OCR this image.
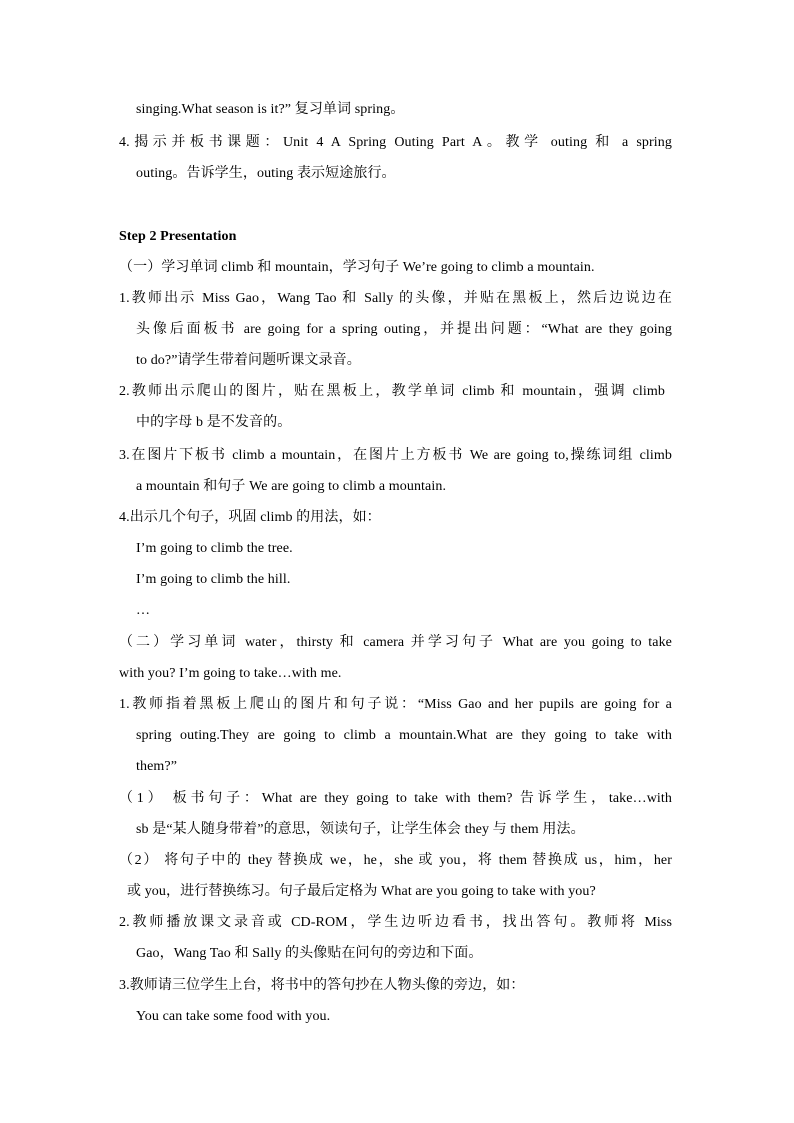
singing.What season is it?” 复习单词 spring。
4.揭示并板书课题：Unit 4 A Spring Outing Part A。教学 outing 和 a spring
outing。告诉学生，outing 表示短途旅行。
Step 2 Presentation
（一）学习单词 climb 和 mountain，学习句子 We’re going to climb a mountain.
1.教师出示 Miss Gao，Wang Tao 和 Sally 的头像，并贴在黑板上，然后边说边在
头像后面板书 are going for a spring outing，并提出问题：“What are they going
to do?”请学生带着问题听课文录音。
2.教师出示爬山的图片，贴在黑板上，教学单词 climb 和 mountain，强调 climb
中的字母 b 是不发音的。
3.在图片下板书 climb a mountain，在图片上方板书 We are going to,操练词组 climb
a mountain 和句子 We are going to climb a mountain.
4.出示几个句子，巩固 climb 的用法，如：
I’m going to climb the tree.
I’m going to climb the hill.
…
（二）学习单词 water，thirsty 和 camera 并学习句子 What are you going to take
with you? I’m going to take…with me.
1.教师指着黑板上爬山的图片和句子说：“Miss Gao and her pupils are going for a
spring outing.They are going to climb a mountain.What are they going to take with
them?”
（1） 板书句子：What are they going to take with them? 告诉学生，take…with
sb 是“某人随身带着”的意思，领读句子，让学生体会 they 与 them 用法。
（2） 将句子中的 they 替换成 we，he，she 或 you，将 them 替换成 us，him，her
或 you，进行替换练习。句子最后定格为 What are you going to take with you?
2.教师播放课文录音或 CD-ROM，学生边听边看书，找出答句。教师将 Miss
Gao，Wang Tao 和 Sally 的头像贴在问句的旁边和下面。
3.教师请三位学生上台，将书中的答句抄在人物头像的旁边，如：
You can take some food with you.
